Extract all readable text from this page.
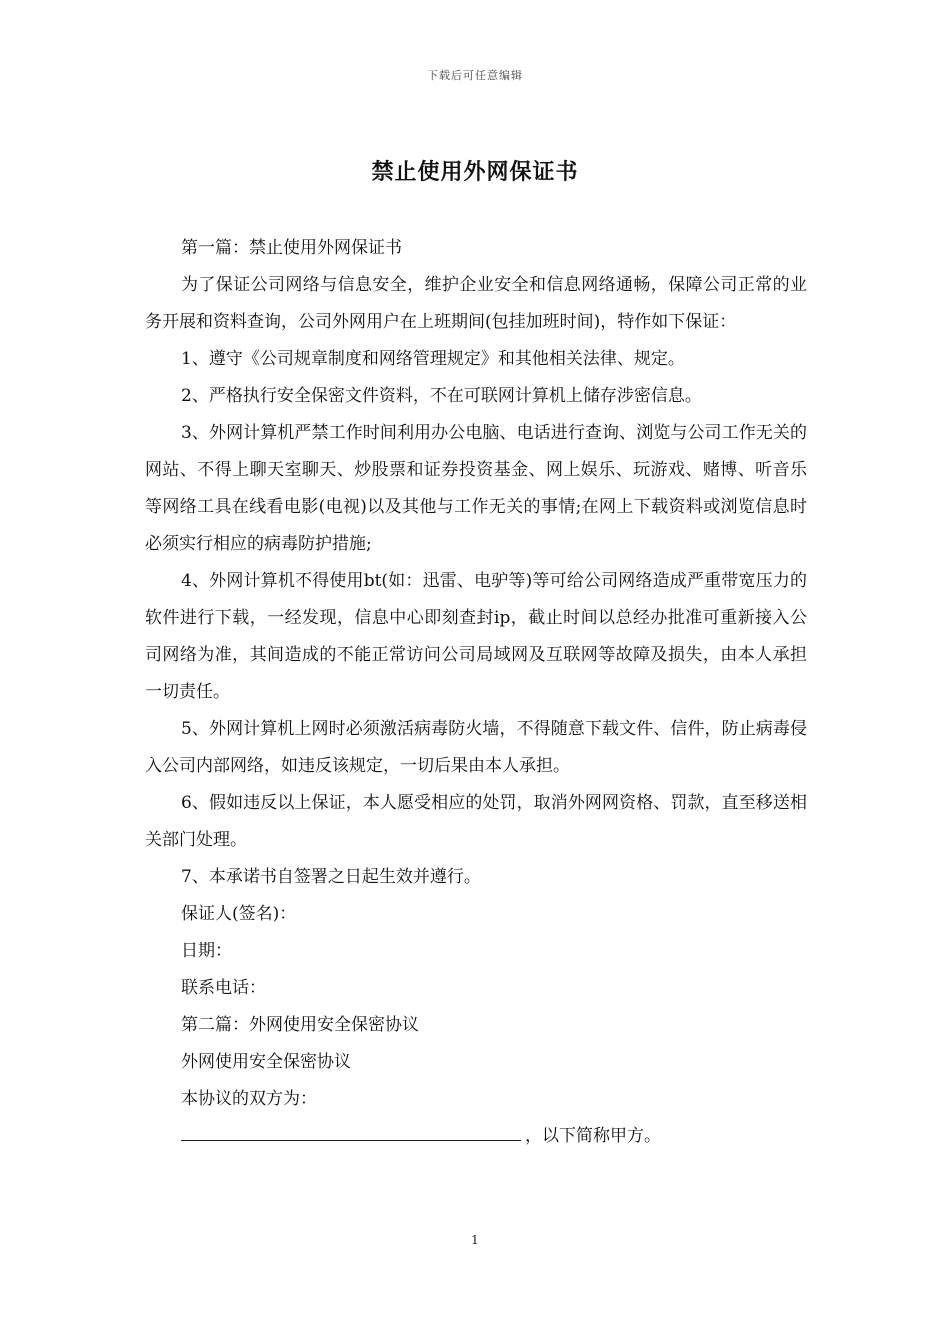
下载后可任意编辑
禁止使用外网保证书

第一篇：禁止使用外网保证书

为了保证公司网络与信息安全，维护企业安全和信息网络通畅，保障公司正常的业务开展和资料查询，公司外网用户在上班期间(包挂加班时间)，特作如下保证：

1、遵守《公司规章制度和网络管理规定》和其他相关法律、规定。

2、严格执行安全保密文件资料，不在可联网计算机上储存涉密信息。

3、外网计算机严禁工作时间利用办公电脑、电话进行查询、浏览与公司工作无关的网站、不得上聊天室聊天、炒股票和证券投资基金、网上娱乐、玩游戏、赌博、听音乐等网络工具在线看电影(电视)以及其他与工作无关的事情;在网上下载资料或浏览信息时必须实行相应的病毒防护措施;

4、外网计算机不得使用bt(如：迅雷、电驴等)等可给公司网络造成严重带宽压力的软件进行下载，一经发现，信息中心即刻查封ip，截止时间以总经办批准可重新接入公司网络为准，其间造成的不能正常访问公司局域网及互联网等故障及损失，由本人承担一切责任。

5、外网计算机上网时必须激活病毒防火墙，不得随意下载文件、信件，防止病毒侵入公司内部网络，如违反该规定，一切后果由本人承担。

6、假如违反以上保证，本人愿受相应的处罚，取消外网网资格、罚款，直至移送相关部门处理。

7、本承诺书自签署之日起生效并遵行。

保证人(签名)：

日期：

联系电话：

第二篇：外网使用安全保密协议

外网使用安全保密协议

本协议的双方为：

，以下简称甲方。

1
